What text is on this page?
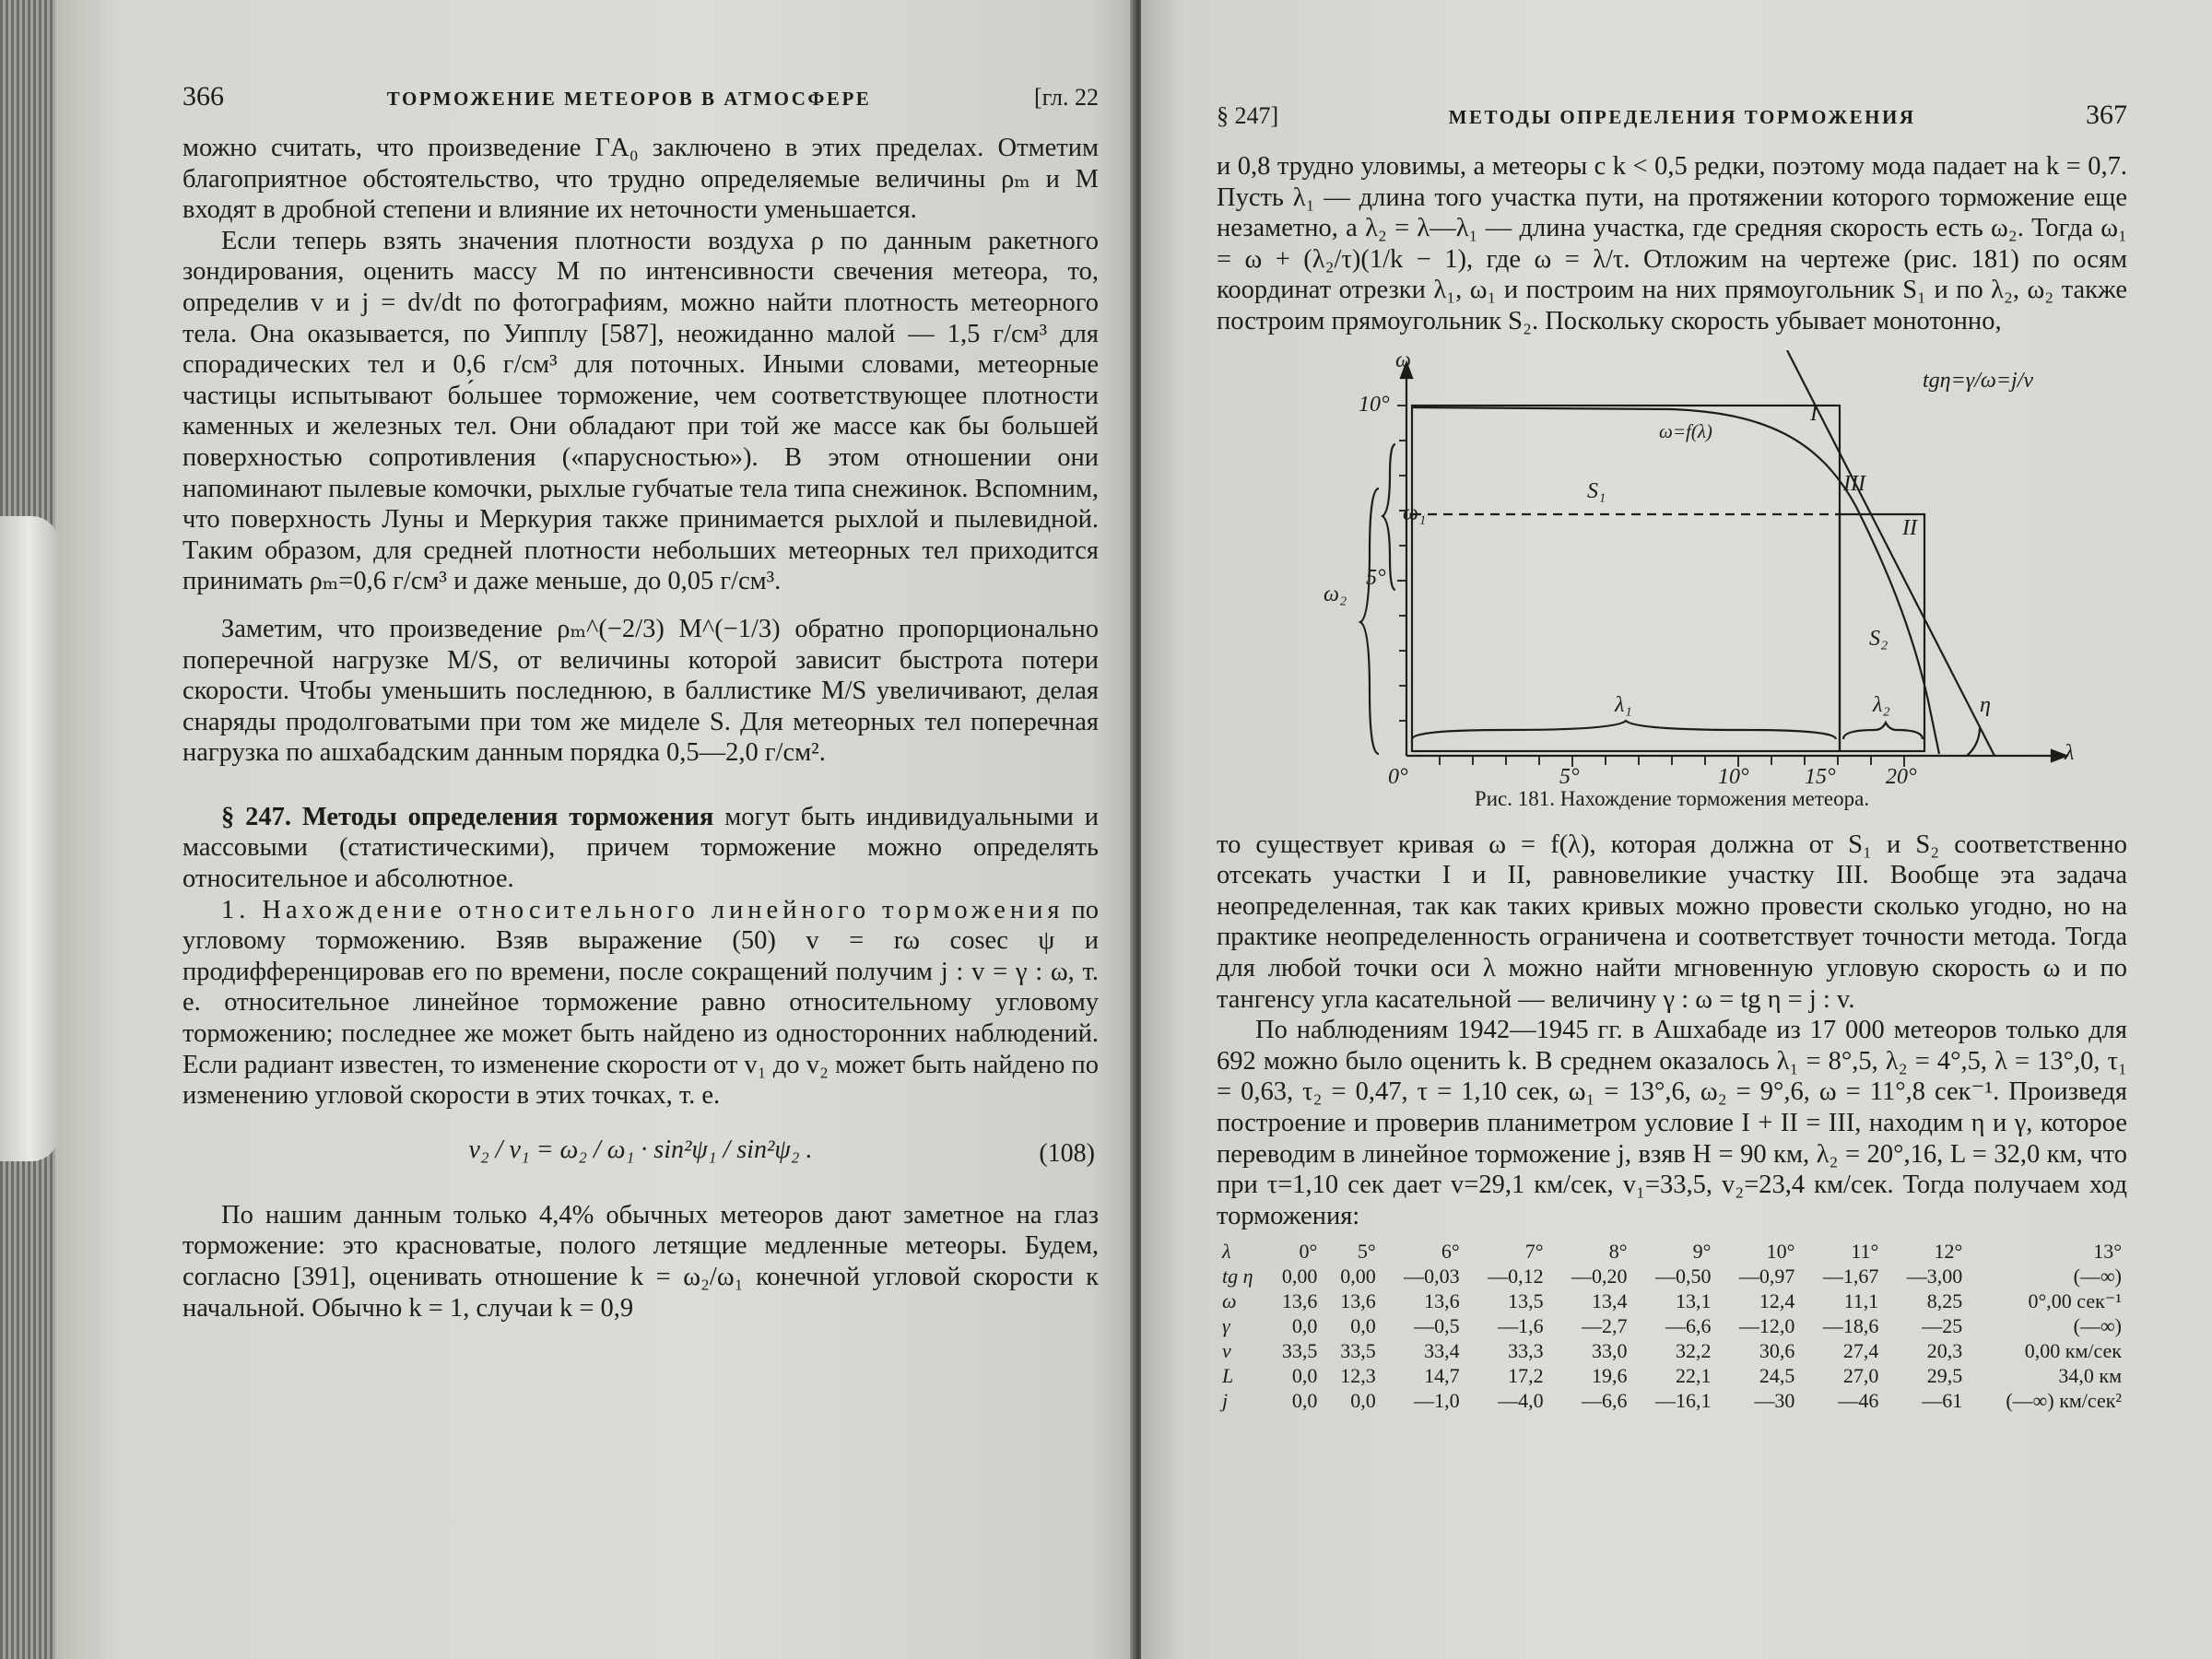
366	ТОРМОЖЕНИЕ МЕТЕОРОВ В АТМОСФЕРЕ	[гл. 22

можно считать, что произведение ΓA₀ заключено в этих пределах. Отметим благоприятное обстоятельство, что трудно определяемые величины ρₘ и M входят в дробной степени и влияние их неточности уменьшается.

Если теперь взять значения плотности воздуха ρ по данным ракетного зондирования, оценить массу M по интенсивности свечения метеора, то, определив v и j = dv/dt по фотографиям, можно найти плотность метеорного тела. Она оказывается, по Уипплу [587], неожиданно малой — 1,5 г/см³ для спорадических тел и 0,6 г/см³ для поточных. Иными словами, метеорные частицы испытывают бо́льшее торможение, чем соответствующее плотности каменных и железных тел. Они обладают при той же массе как бы большей поверхностью сопротивления («парусностью»). В этом отношении они напоминают пылевые комочки, рыхлые губчатые тела типа снежинок. Вспомним, что поверхность Луны и Меркурия также принимается рыхлой и пылевидной. Таким образом, для средней плотности небольших метеорных тел приходится принимать ρₘ=0,6 г/см³ и даже меньше, до 0,05 г/см³.

Заметим, что произведение ρₘ^(−2/3) M^(−1/3) обратно пропорционально поперечной нагрузке M/S, от величины которой зависит быстрота потери скорости. Чтобы уменьшить последнюю, в баллистике M/S увеличивают, делая снаряды продолговатыми при том же миделе S. Для метеорных тел поперечная нагрузка по ашхабадским данным порядка 0,5—2,0 г/см².

§ 247. Методы определения торможения могут быть индивидуальными и массовыми (статистическими), причем торможение можно определять относительное и абсолютное.

1. Нахождение относительного линейного торможения по угловому торможению. Взяв выражение (50) v = rω cosec ψ и продифференцировав его по времени, после сокращений получим j : v = γ : ω, т. е. относительное линейное торможение равно относительному угловому торможению; последнее же может быть найдено из односторонних наблюдений. Если радиант известен, то изменение скорости от v₁ до v₂ может быть найдено по изменению угловой скорости в этих точках, т. е.

v₂ / v₁ = ω₂ / ω₁ · sin²ψ₁ / sin²ψ₂ .	(108)

По нашим данным только 4,4% обычных метеоров дают заметное на глаз торможение: это красноватые, полого летящие медленные метеоры. Будем, согласно [391], оценивать отношение k = ω₂/ω₁ конечной угловой скорости к начальной. Обычно k = 1, случаи k = 0,9

§ 247]	МЕТОДЫ ОПРЕДЕЛЕНИЯ ТОРМОЖЕНИЯ	367

и 0,8 трудно уловимы, а метеоры с k < 0,5 редки, поэтому мода падает на k = 0,7. Пусть λ₁ — длина того участка пути, на протяжении которого торможение еще незаметно, а λ₂ = λ—λ₁ — длина участка, где средняя скорость есть ω₂. Тогда ω₁ = ω + (λ₂/τ)(1/k − 1), где ω = λ/τ. Отложим на чертеже (рис. 181) по осям координат отрезки λ₁, ω₁ и построим на них прямоугольник S₁ и по λ₂, ω₂ также построим прямоугольник S₂. Поскольку скорость убывает монотонно,

ω
λ
10°
5°
0°	5°	10°	15° 20°
S₁
S₂
ω₁
ω₂
λ₁	λ₂
I
II
III
η
ω=f(λ)
tgη=γ/ω=j/v
Рис. 181. Нахождение торможения метеора.

то существует кривая ω = f(λ), которая должна от S₁ и S₂ соответственно отсекать участки I и II, равновеликие участку III. Вообще эта задача неопределенная, так как таких кривых можно провести сколько угодно, но на практике неопределенность ограничена и соответствует точности метода. Тогда для любой точки оси λ можно найти мгновенную угловую скорость ω и по тангенсу угла касательной — величину γ : ω = tg η = j : v.

По наблюдениям 1942—1945 гг. в Ашхабаде из 17 000 метеоров только для 692 можно было оценить k. В среднем оказалось λ₁ = 8°,5, λ₂ = 4°,5, λ = 13°,0, τ₁ = 0,63, τ₂ = 0,47, τ = 1,10 сек, ω₁ = 13°,6, ω₂ = 9°,6, ω = 11°,8 сек⁻¹. Произведя построение и проверив планиметром условие I + II = III, находим η и γ, которое переводим в линейное торможение j, взяв H = 90 км, λ₂ = 20°,16, L = 32,0 км, что при τ=1,10 сек дает v=29,1 км/сек, v₁=33,5, v₂=23,4 км/сек. Тогда получаем ход торможения:

λ	0°	5°	6°	7°	8°	9°	10°	11°	12°	13°
tg η	0,00	0,00	—0,03	—0,12	—0,20	—0,50	—0,97	—1,67	—3,00	(—∞)
ω	13,6	13,6	13,6	13,5	13,4	13,1	12,4	11,1	8,25	0°,00 сек⁻¹
γ	0,0	0,0	—0,5	—1,6	—2,7	—6,6	—12,0	—18,6	—25	(—∞)
v	33,5	33,5	33,4	33,3	33,0	32,2	30,6	27,4	20,3	0,00 км/сек
L	0,0	12,3	14,7	17,2	19,6	22,1	24,5	27,0	29,5	34,0 км
j	0,0	0,0	—1,0	—4,0	—6,6	—16,1	—30	—46	—61	(—∞) км/сек²
